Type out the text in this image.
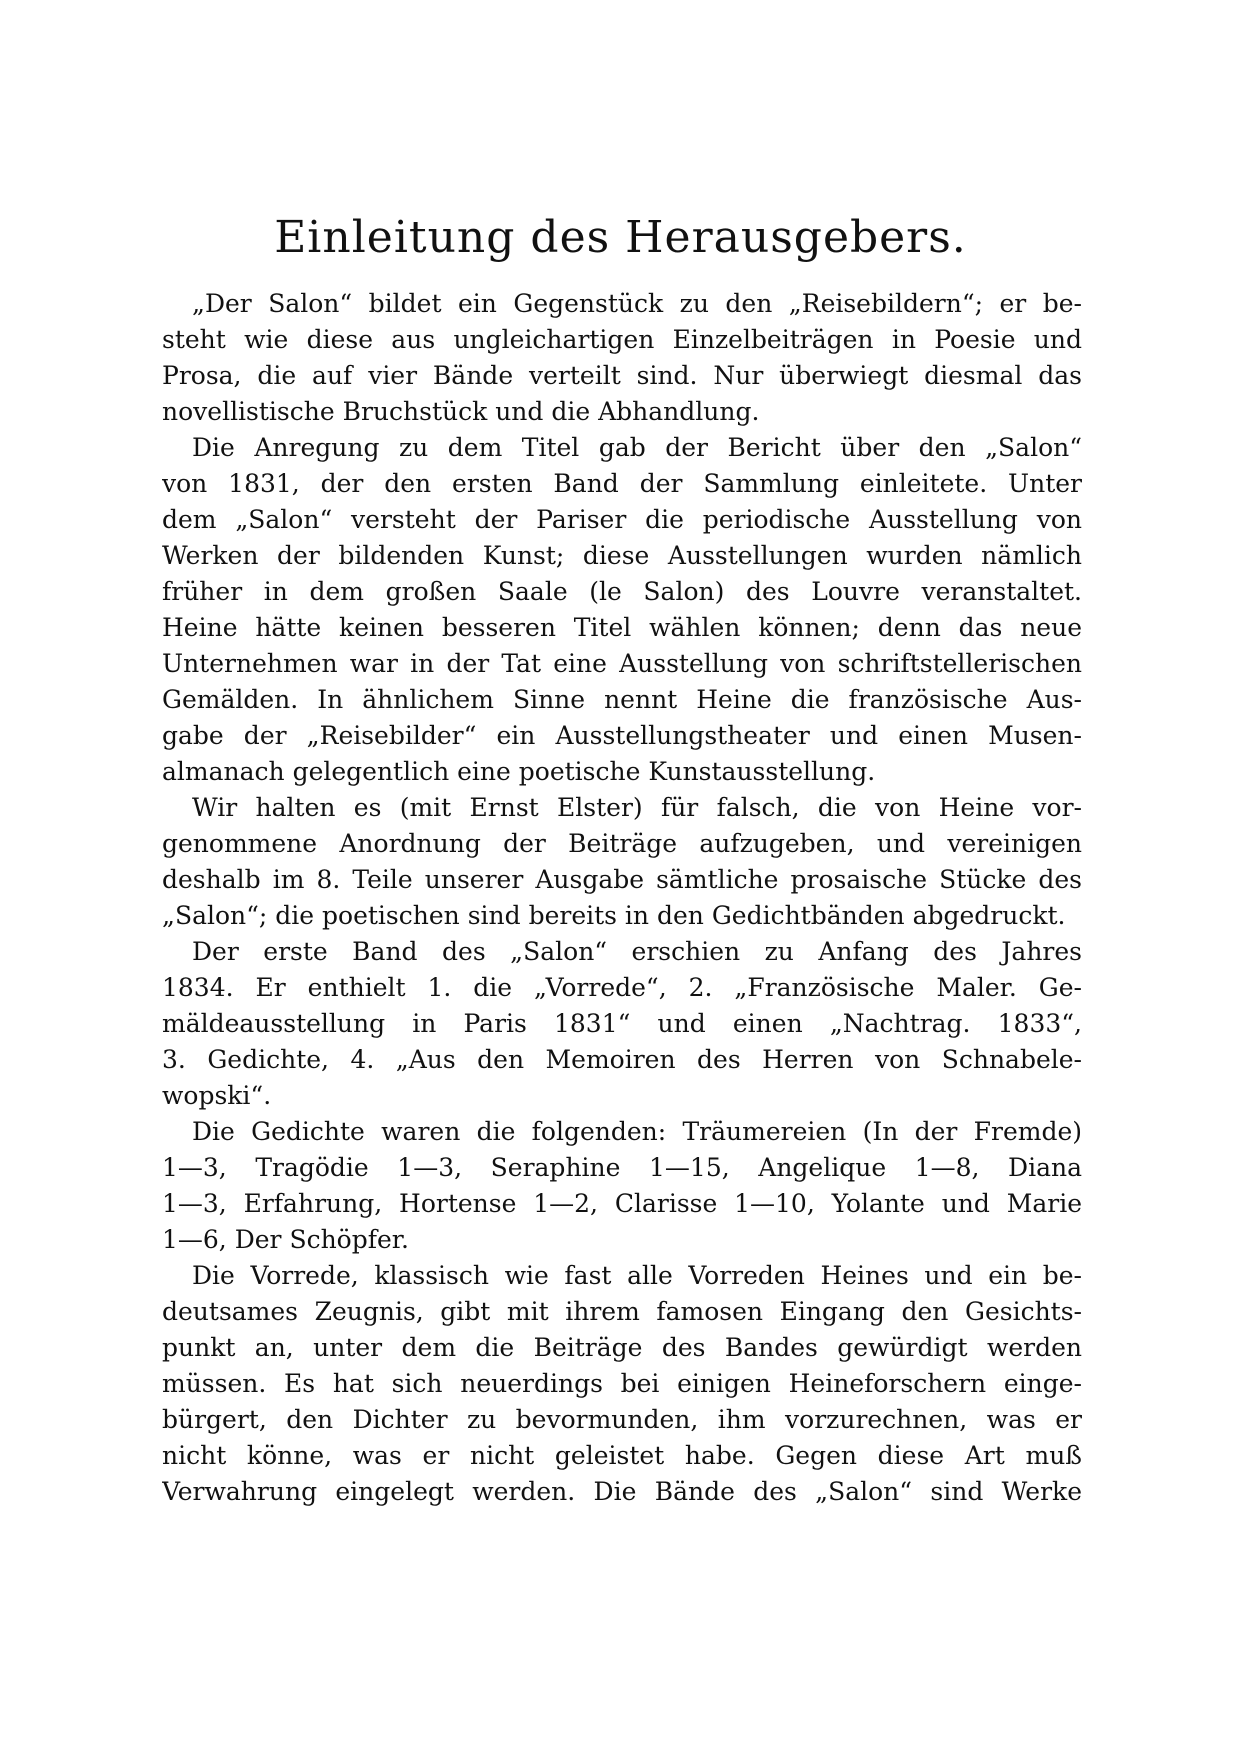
Einleitung des Herausgebers.
„Der Salon“ bildet ein Gegenstück zu den „Reisebildern“; er be-
steht wie diese aus ungleichartigen Einzelbeiträgen in Poesie und
Prosa, die auf vier Bände verteilt sind. Nur überwiegt diesmal das
novellistische Bruchstück und die Abhandlung.
Die Anregung zu dem Titel gab der Bericht über den „Salon“
von 1831, der den ersten Band der Sammlung einleitete. Unter
dem „Salon“ versteht der Pariser die periodische Ausstellung von
Werken der bildenden Kunst; diese Ausstellungen wurden nämlich
früher in dem großen Saale (le Salon) des Louvre veranstaltet.
Heine hätte keinen besseren Titel wählen können; denn das neue
Unternehmen war in der Tat eine Ausstellung von schriftstellerischen
Gemälden. In ähnlichem Sinne nennt Heine die französische Aus-
gabe der „Reisebilder“ ein Ausstellungstheater und einen Musen-
almanach gelegentlich eine poetische Kunstausstellung.
Wir halten es (mit Ernst Elster) für falsch, die von Heine vor-
genommene Anordnung der Beiträge aufzugeben, und vereinigen
deshalb im 8. Teile unserer Ausgabe sämtliche prosaische Stücke des
„Salon“; die poetischen sind bereits in den Gedichtbänden abgedruckt.
Der erste Band des „Salon“ erschien zu Anfang des Jahres
1834. Er enthielt 1. die „Vorrede“, 2. „Französische Maler. Ge-
mäldeausstellung in Paris 1831“ und einen „Nachtrag. 1833“,
3. Gedichte, 4. „Aus den Memoiren des Herren von Schnabele-
wopski“.
Die Gedichte waren die folgenden: Träumereien (In der Fremde)
1—3, Tragödie 1—3, Seraphine 1—15, Angelique 1—8, Diana
1—3, Erfahrung, Hortense 1—2, Clarisse 1—10, Yolante und Marie
1—6, Der Schöpfer.
Die Vorrede, klassisch wie fast alle Vorreden Heines und ein be-
deutsames Zeugnis, gibt mit ihrem famosen Eingang den Gesichts-
punkt an, unter dem die Beiträge des Bandes gewürdigt werden
müssen. Es hat sich neuerdings bei einigen Heineforschern einge-
bürgert, den Dichter zu bevormunden, ihm vorzurechnen, was er
nicht könne, was er nicht geleistet habe. Gegen diese Art muß
Verwahrung eingelegt werden. Die Bände des „Salon“ sind Werke
